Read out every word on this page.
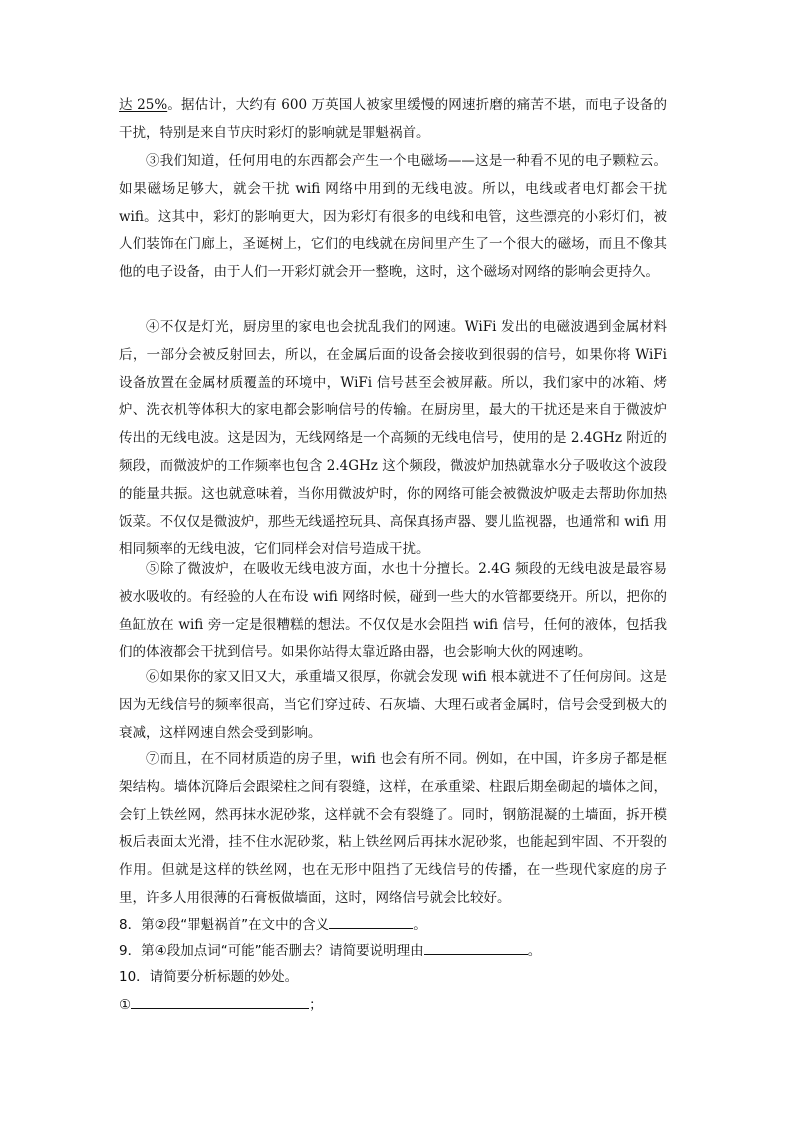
达 25%。据估计，大约有 600 万英国人被家里缓慢的网速折磨的痛苦不堪，而电子设备的干扰，特别是来自节庆时彩灯的影响就是罪魁祸首。

③我们知道，任何用电的东西都会产生一个电磁场——这是一种看不见的电子颗粒云。如果磁场足够大，就会干扰 wifi 网络中用到的无线电波。所以，电线或者电灯都会干扰 wifi。这其中，彩灯的影响更大，因为彩灯有很多的电线和电管，这些漂亮的小彩灯们，被人们装饰在门廊上，圣诞树上，它们的电线就在房间里产生了一个很大的磁场，而且不像其他的电子设备，由于人们一开彩灯就会开一整晚，这时，这个磁场对网络的影响会更持久。

④不仅是灯光，厨房里的家电也会扰乱我们的网速。WiFi 发出的电磁波遇到金属材料后，一部分会被反射回去，所以，在金属后面的设备会接收到很弱的信号，如果你将 WiFi 设备放置在金属材质覆盖的环境中，WiFi 信号甚至会被屏蔽。所以，我们家中的冰箱、烤炉、洗衣机等体积大的家电都会影响信号的传输。在厨房里，最大的干扰还是来自于微波炉传出的无线电波。这是因为，无线网络是一个高频的无线电信号，使用的是 2.4GHz 附近的频段，而微波炉的工作频率也包含 2.4GHz 这个频段，微波炉加热就靠水分子吸收这个波段的能量共振。这也就意味着，当你用微波炉时，你的网络可能会被微波炉吸走去帮助你加热饭菜。不仅仅是微波炉，那些无线遥控玩具、高保真扬声器、婴儿监视器，也通常和 wifi 用相同频率的无线电波，它们同样会对信号造成干扰。

⑤除了微波炉，在吸收无线电波方面，水也十分擅长。2.4G 频段的无线电波是最容易被水吸收的。有经验的人在布设 wifi 网络时候，碰到一些大的水管都要绕开。所以，把你的鱼缸放在 wifi 旁一定是很糟糕的想法。不仅仅是水会阻挡 wifi 信号，任何的液体，包括我们的体液都会干扰到信号。如果你站得太靠近路由器，也会影响大伙的网速哟。

⑥如果你的家又旧又大，承重墙又很厚，你就会发现 wifi 根本就进不了任何房间。这是因为无线信号的频率很高，当它们穿过砖、石灰墙、大理石或者金属时，信号会受到极大的衰减，这样网速自然会受到影响。

⑦而且，在不同材质造的房子里，wifi 也会有所不同。例如，在中国，许多房子都是框架结构。墙体沉降后会跟梁柱之间有裂缝，这样，在承重梁、柱跟后期垒砌起的墙体之间，会钉上铁丝网，然再抹水泥砂浆，这样就不会有裂缝了。同时，钢筋混凝的土墙面，拆开模板后表面太光滑，挂不住水泥砂浆，粘上铁丝网后再抹水泥砂浆，也能起到牢固、不开裂的作用。但就是这样的铁丝网，也在无形中阻挡了无线信号的传播，在一些现代家庭的房子里，许多人用很薄的石膏板做墙面，这时，网络信号就会比较好。

8．第②段“罪魁祸首”在文中的含义	。

9．第④段加点词“可能”能否删去？请简要说明理由	。

10．请简要分析标题的妙处。

①	；
